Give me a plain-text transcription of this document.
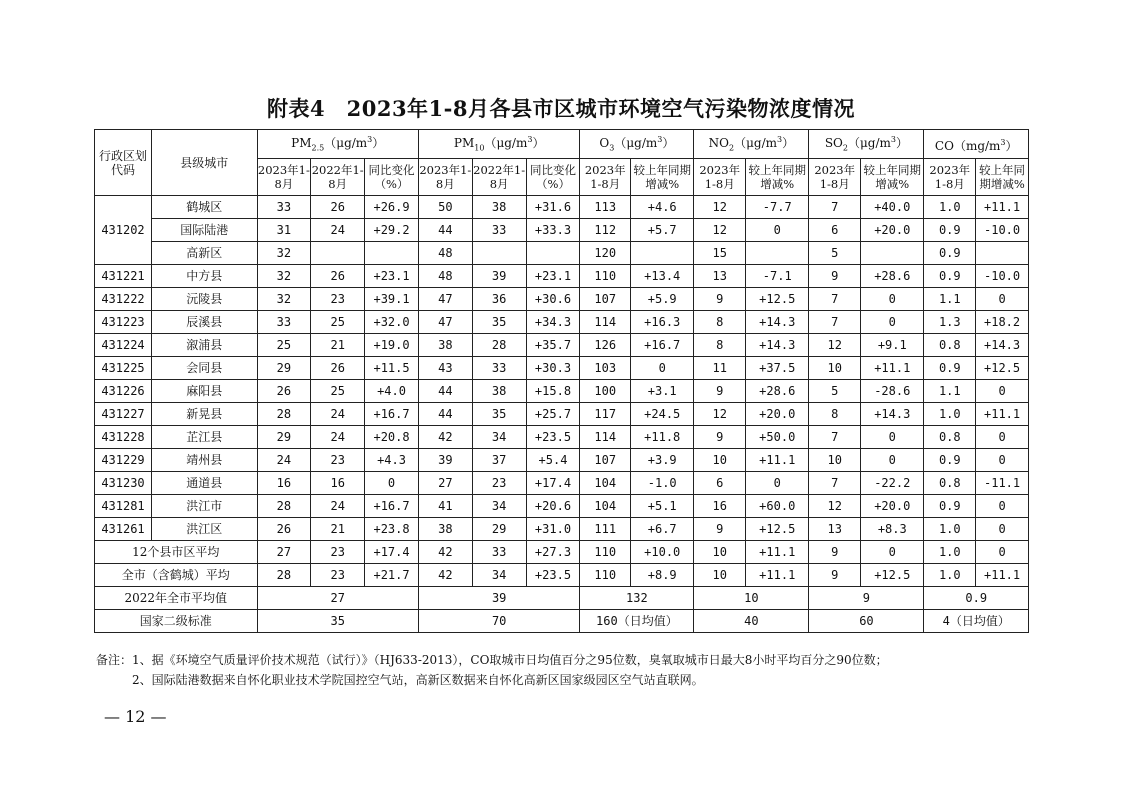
附表4　2023年1-8月各县市区城市环境空气污染物浓度情况
行政区划代码	县级城市	$PM_{2.5}(\mu g/m^3)$			$PM_{10}(\mu g/m^3)$			$O_3(\mu g/m^3)$		$NO_2(\mu g/m^3)$		$SO_2(\mu g/m^3)$		$CO(mg/m^3)$	
		2023年1-8月	2022年1-8月	同比变化（%）	2023年1-8月	2022年1-8月	同比变化（%）	2023年1-8月	较上年同期增减%	2023年1-8月	较上年同期增减%	2023年1-8月	较上年同期增减%	2023年1-8月	较上年同期增减%
431202	鹤城区	33	26	+26.9	50	38	+31.6	113	+4.6	12	-7.7	7	+40.0	1.0	+11.1
	国际陆港	31	24	+29.2	44	33	+33.3	112	+5.7	12	0	6	+20.0	0.9	-10.0
	高新区	32			48			120		15		5		0.9	
431221	中方县	32	26	+23.1	48	39	+23.1	110	+13.4	13	-7.1	9	+28.6	0.9	-10.0
431222	沅陵县	32	23	+39.1	47	36	+30.6	107	+5.9	9	+12.5	7	0	1.1	0
431223	辰溪县	33	25	+32.0	47	35	+34.3	114	+16.3	8	+14.3	7	0	1.3	+18.2
431224	溆浦县	25	21	+19.0	38	28	+35.7	126	+16.7	8	+14.3	12	+9.1	0.8	+14.3
431225	会同县	29	26	+11.5	43	33	+30.3	103	0	11	+37.5	10	+11.1	0.9	+12.5
431226	麻阳县	26	25	+4.0	44	38	+15.8	100	+3.1	9	+28.6	5	-28.6	1.1	0
431227	新晃县	28	24	+16.7	44	35	+25.7	117	+24.5	12	+20.0	8	+14.3	1.0	+11.1
431228	芷江县	29	24	+20.8	42	34	+23.5	114	+11.8	9	+50.0	7	0	0.8	0
431229	靖州县	24	23	+4.3	39	37	+5.4	107	+3.9	10	+11.1	10	0	0.9	0
431230	通道县	16	16	0	27	23	+17.4	104	-1.0	6	0	7	-22.2	0.8	-11.1
431281	洪江市	28	24	+16.7	41	34	+20.6	104	+5.1	16	+60.0	12	+20.0	0.9	0
431261	洪江区	26	21	+23.8	38	29	+31.0	111	+6.7	9	+12.5	13	+8.3	1.0	0
12个县市区平均		27	23	+17.4	42	33	+27.3	110	+10.0	10	+11.1	9	0	1.0	0
全市（含鹤城）平均		28	23	+21.7	42	34	+23.5	110	+8.9	10	+11.1	9	+12.5	1.0	+11.1
2022年全市平均值		27			39			132		10		9		0.9	
国家二级标准		35			70			160（日均值）		40		60		4（日均值）	
备注：1、据《环境空气质量评价技术规范（试行）》（HJ633-2013），CO取城市日均值百分之95位数，臭氧取城市日最大8小时平均百分之90位数；
2、国际陆港数据来自怀化职业技术学院国控空气站，高新区数据来自怀化高新区国家级园区空气站直联网。
— 12 —
